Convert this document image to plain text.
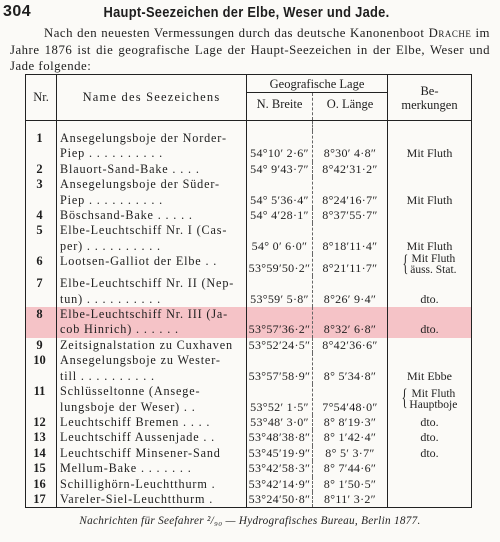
304	Haupt-Seezeichen der Elbe, Weser und Jade.

Nach den neuesten Vermessungen durch das deutsche Kanonenboot Drache im Jahre 1876 ist die geografische Lage der Haupt-Seezeichen in der Elbe, Weser und Jade folgende:

Nr.	Name des Seezeichens	Geografische Lage		Be-
merkungen
		N. Breite	O. Länge	

1	Ansegelungsboje der Norder-
Piep . . . . . . . . . .	54°10′ 2·6″	8°30′ 4·8″	Mit Fluth
2	Blauort-Sand-Bake . . . .	54° 9′43·7″	8°42′31·2″	
3	Ansegelungsboje der Süder-
Piep . . . . . . . . . .	54° 5′36·4″	8°24′16·7″	Mit Fluth
4	Böschsand-Bake . . . . .	54° 4′28·1″	8°37′55·7″	
5	Elbe-Leuchtschiff Nr. I (Cas-
per) . . . . . . . . . .	54° 0′ 6·0″	8°18′11·4″	Mit Fluth
6	Lootsen-Galliot der Elbe . .	53°59′50·2″	8°21′11·7″	{ Mit Fluth
äuss. Stat.
7	Elbe-Leuchtschiff Nr. II (Nep-
tun) . . . . . . . . . .	53°59′ 5·8″	8°26′ 9·4″	dto.
8	Elbe-Leuchtschiff Nr. III (Ja-
cob Hinrich) . . . . . .	53°57′36·2″	8°32′ 6·8″	dto.
9	Zeitsignalstation zu Cuxhaven	53°52′24·5″	8°42′36·6″	
10	Ansegelungsboje zu Wester-
till . . . . . . . . . .	53°57′58·9″	8° 5′34·8″	Mit Ebbe
11	Schlüsseltonne (Ansege-
lungsboje der Weser) . .	53°52′ 1·5″	7°54′48·0″	{ Mit Fluth
Hauptboje
12	Leuchtschiff Bremen . . . .	53°48′ 3·0″	8° 8′19·3″	dto.
13	Leuchtschiff Aussenjade . .	53°48′38·8″	8° 1′42·4″	dto.
14	Leuchtschiff Minsener-Sand	53°45′19·9″	8° 5′ 3·7″	dto.
15	Mellum-Bake . . . . . . .	53°42′58·3″	8° 7′44·6″	
16	Schillighörn-Leuchtthurm .	53°42′14·9″	8° 1′50·5″	
17	Vareler-Siel-Leuchtthurm .	53°24′50·8″	8°11′ 3·2″	
Nachrichten für Seefahrer ²/₉₀ — Hydrografisches Bureau, Berlin 1877.
